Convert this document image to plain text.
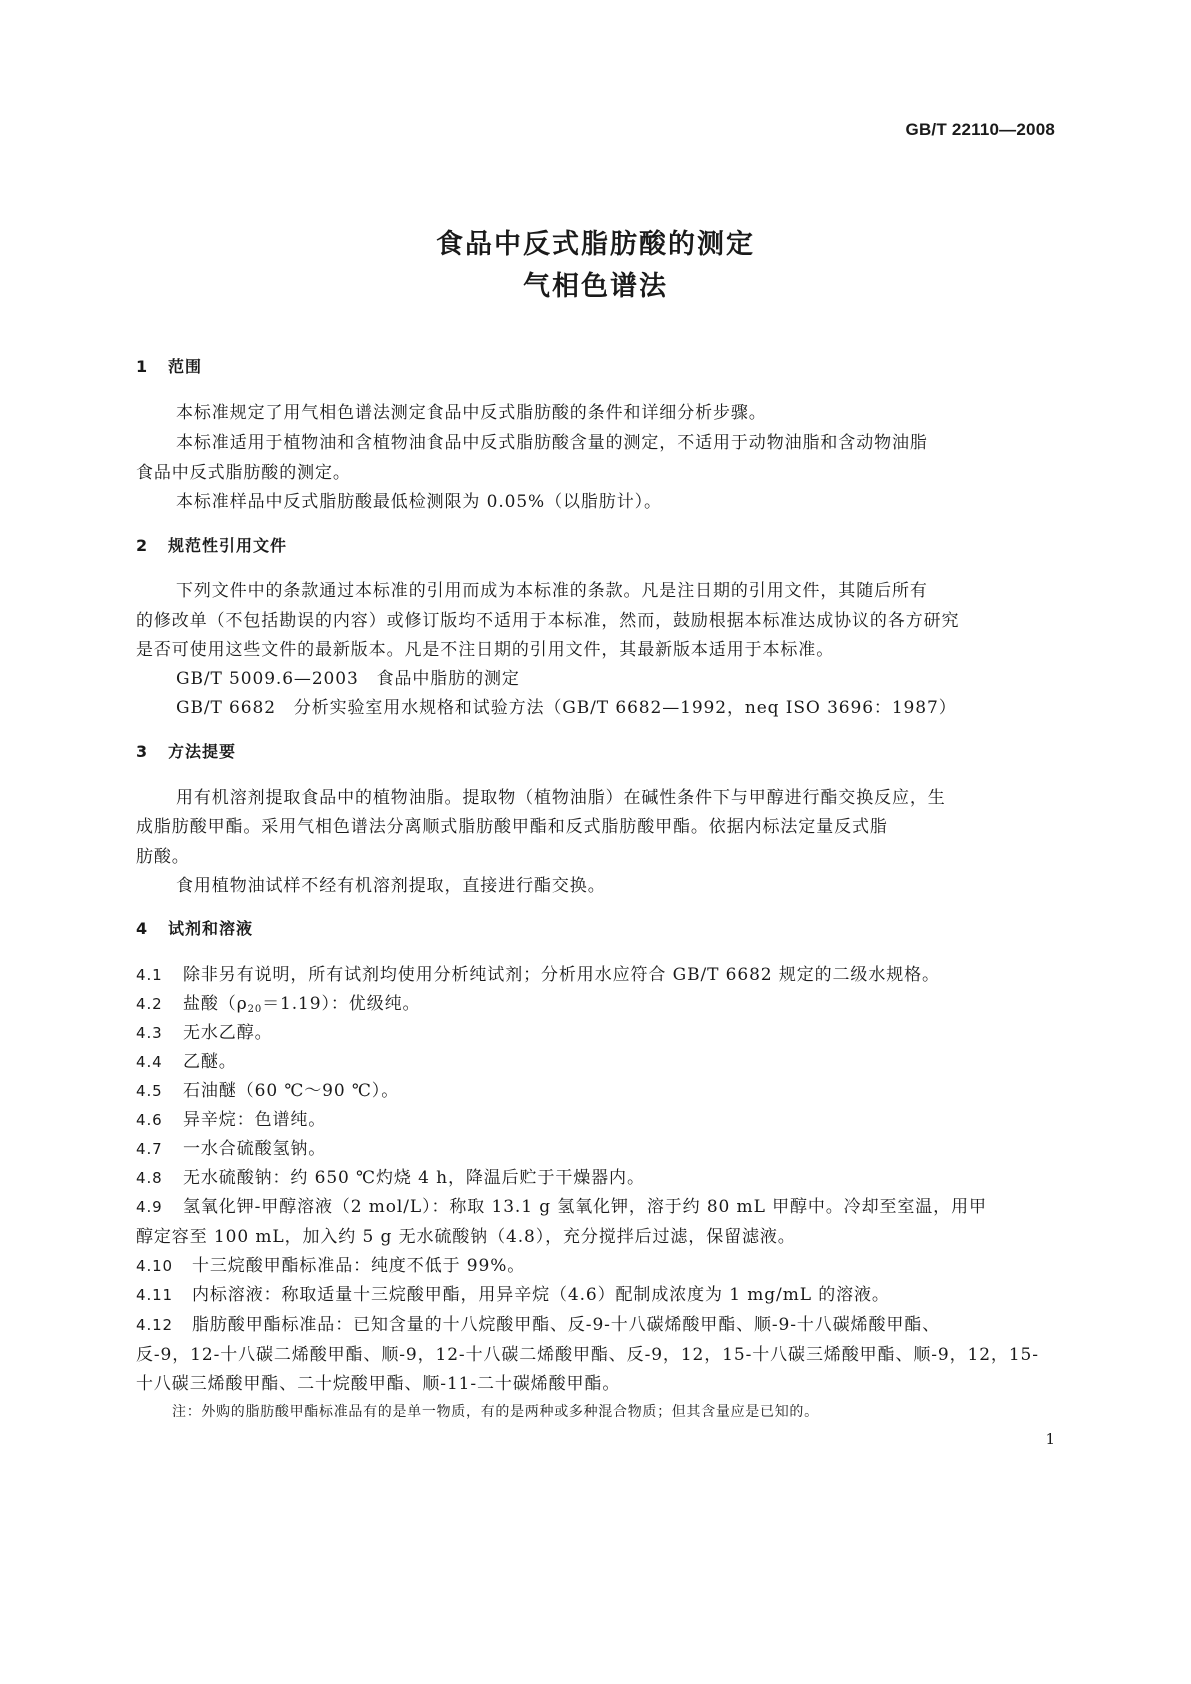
GB/T 22110—2008
食品中反式脂肪酸的测定
气相色谱法
1 范围
本标准规定了用气相色谱法测定食品中反式脂肪酸的条件和详细分析步骤。
本标准适用于植物油和含植物油食品中反式脂肪酸含量的测定，不适用于动物油脂和含动物油脂
食品中反式脂肪酸的测定。
本标准样品中反式脂肪酸最低检测限为 0.05%（以脂肪计）。
2 规范性引用文件
下列文件中的条款通过本标准的引用而成为本标准的条款。凡是注日期的引用文件，其随后所有
的修改单（不包括勘误的内容）或修订版均不适用于本标准，然而，鼓励根据本标准达成协议的各方研究
是否可使用这些文件的最新版本。凡是不注日期的引用文件，其最新版本适用于本标准。
GB/T 5009.6—2003　食品中脂肪的测定
GB/T 6682　分析实验室用水规格和试验方法（GB/T 6682—1992，neq ISO 3696：1987）
3 方法提要
用有机溶剂提取食品中的植物油脂。提取物（植物油脂）在碱性条件下与甲醇进行酯交换反应，生
成脂肪酸甲酯。采用气相色谱法分离顺式脂肪酸甲酯和反式脂肪酸甲酯。依据内标法定量反式脂
肪酸。
食用植物油试样不经有机溶剂提取，直接进行酯交换。
4 试剂和溶液
4.1 除非另有说明，所有试剂均使用分析纯试剂；分析用水应符合 GB/T 6682 规定的二级水规格。
4.2 盐酸$(\rho_{20}=1.19)$：优级纯。
4.3 无水乙醇。
4.4 乙醚。
4.5 石油醚（60 ℃～90 ℃）。
4.6 异辛烷：色谱纯。
4.7 一水合硫酸氢钠。
4.8 无水硫酸钠：约 650 ℃灼烧 4 h，降温后贮于干燥器内。
4.9 氢氧化钾-甲醇溶液（2 mol/L）：称取 13.1 g 氢氧化钾，溶于约 80 mL 甲醇中。冷却至室温，用甲
醇定容至 100 mL，加入约 5 g 无水硫酸钠（4.8），充分搅拌后过滤，保留滤液。
4.10 十三烷酸甲酯标准品：纯度不低于 99%。
4.11 内标溶液：称取适量十三烷酸甲酯，用异辛烷（4.6）配制成浓度为 1 mg/mL 的溶液。
4.12 脂肪酸甲酯标准品：已知含量的十八烷酸甲酯、反-9-十八碳烯酸甲酯、顺-9-十八碳烯酸甲酯、
反-9，12-十八碳二烯酸甲酯、顺-9，12-十八碳二烯酸甲酯、反-9，12，15-十八碳三烯酸甲酯、顺-9，12，15-
十八碳三烯酸甲酯、二十烷酸甲酯、顺-11-二十碳烯酸甲酯。
注：外购的脂肪酸甲酯标准品有的是单一物质，有的是两种或多种混合物质；但其含量应是已知的。
1
